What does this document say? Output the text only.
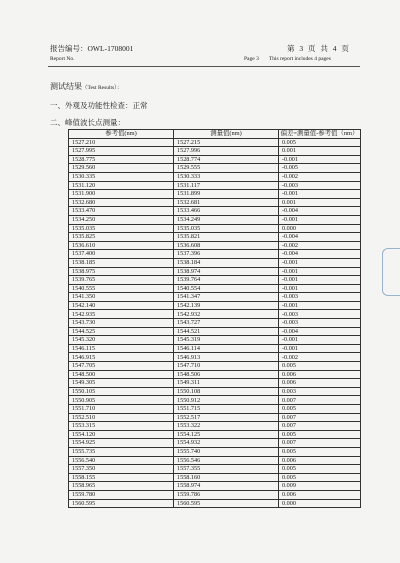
报告编号：OWL-1708001
Report No.
第 3 页 共 4 页
Page 3 This report includes 4 pages
测试结果（Test Results）：
一、外观及功能性检查：正常
二、峰值波长点测量：
参考值(nm)	测量值(nm)	偏差=测量值-参考值（nm）
1527.210	1527.215	0.005
1527.995	1527.996	0.001
1528.775	1528.774	-0.001
1529.560	1529.555	-0.005
1530.335	1530.333	-0.002
1531.120	1531.117	-0.003
1531.900	1531.899	-0.001
1532.680	1532.681	0.001
1533.470	1533.466	-0.004
1534.250	1534.249	-0.001
1535.035	1535.035	0.000
1535.825	1535.821	-0.004
1536.610	1536.608	-0.002
1537.400	1537.396	-0.004
1538.185	1538.184	-0.001
1538.975	1538.974	-0.001
1539.765	1539.764	-0.001
1540.555	1540.554	-0.001
1541.350	1541.347	-0.003
1542.140	1542.139	-0.001
1542.935	1542.932	-0.003
1543.730	1543.727	-0.003
1544.525	1544.521	-0.004
1545.320	1545.319	-0.001
1546.115	1546.114	-0.001
1546.915	1546.913	-0.002
1547.705	1547.710	0.005
1548.500	1548.506	0.006
1549.305	1549.311	0.006
1550.105	1550.108	0.003
1550.905	1550.912	0.007
1551.710	1551.715	0.005
1552.510	1552.517	0.007
1553.315	1553.322	0.007
1554.120	1554.125	0.005
1554.925	1554.932	0.007
1555.735	1555.740	0.005
1556.540	1556.546	0.006
1557.350	1557.355	0.005
1558.155	1558.160	0.005
1558.965	1558.974	0.009
1559.780	1559.786	0.006
1560.595	1560.595	0.000
